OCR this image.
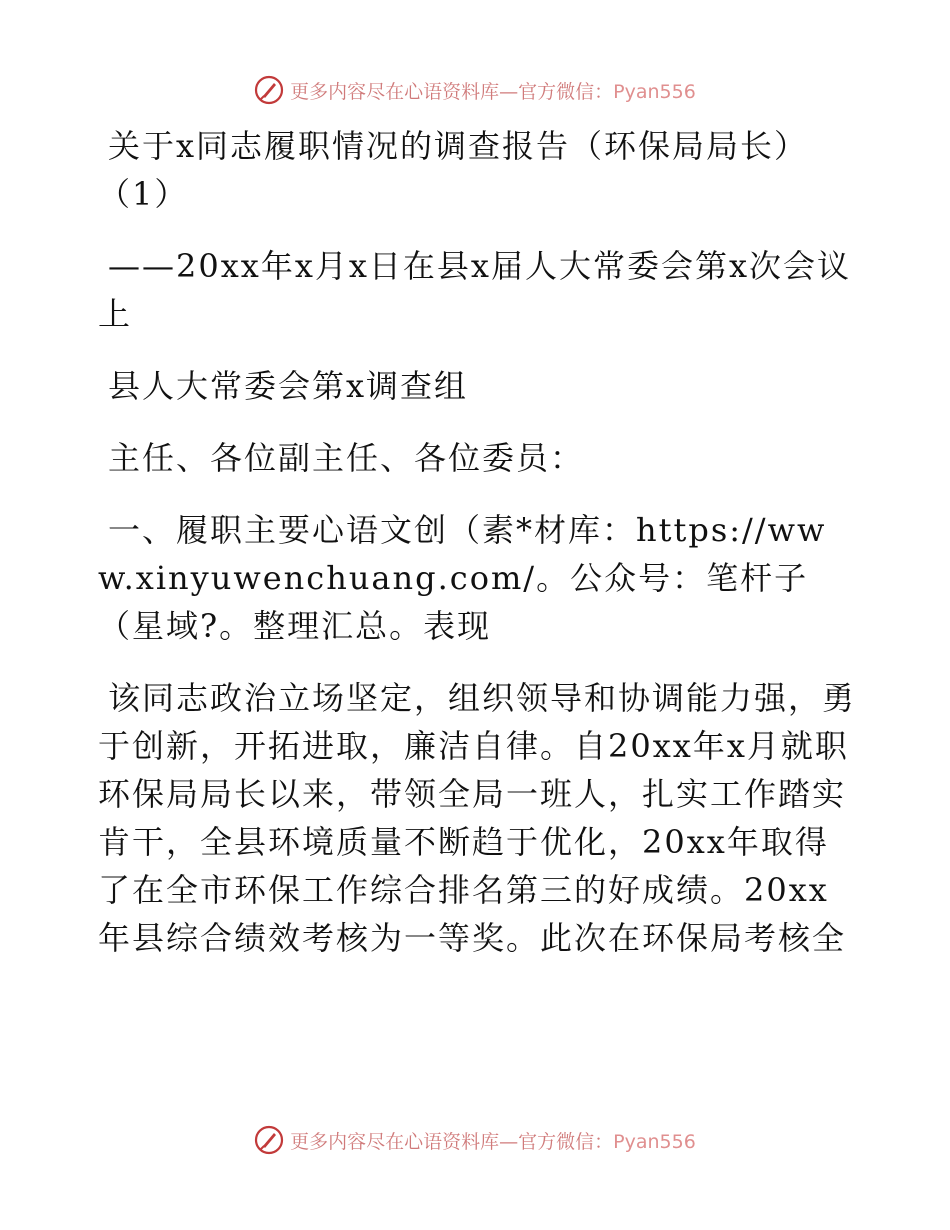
更多内容尽在心语资料库—官方微信：Pyan556
关于x同志履职情况的调查报告（环保局局长）（1）
——20xx年x月x日在县x届人大常委会第x次会议上
县人大常委会第x调查组
主任、各位副主任、各位委员：
一、履职主要心语文创（素*材库：https://www.xinyuwenchuang.com/。公众号：笔杆子（星域?。整理汇总。表现
该同志政治立场坚定，组织领导和协调能力强，勇于创新，开拓进取，廉洁自律。自20xx年x月就职环保局局长以来，带领全局一班人，扎实工作踏实肯干，全县环境质量不断趋于优化，20xx年取得了在全市环保工作综合排名第三的好成绩。20xx年县综合绩效考核为一等奖。此次在环保局考核全
更多内容尽在心语资料库—官方微信：Pyan556
